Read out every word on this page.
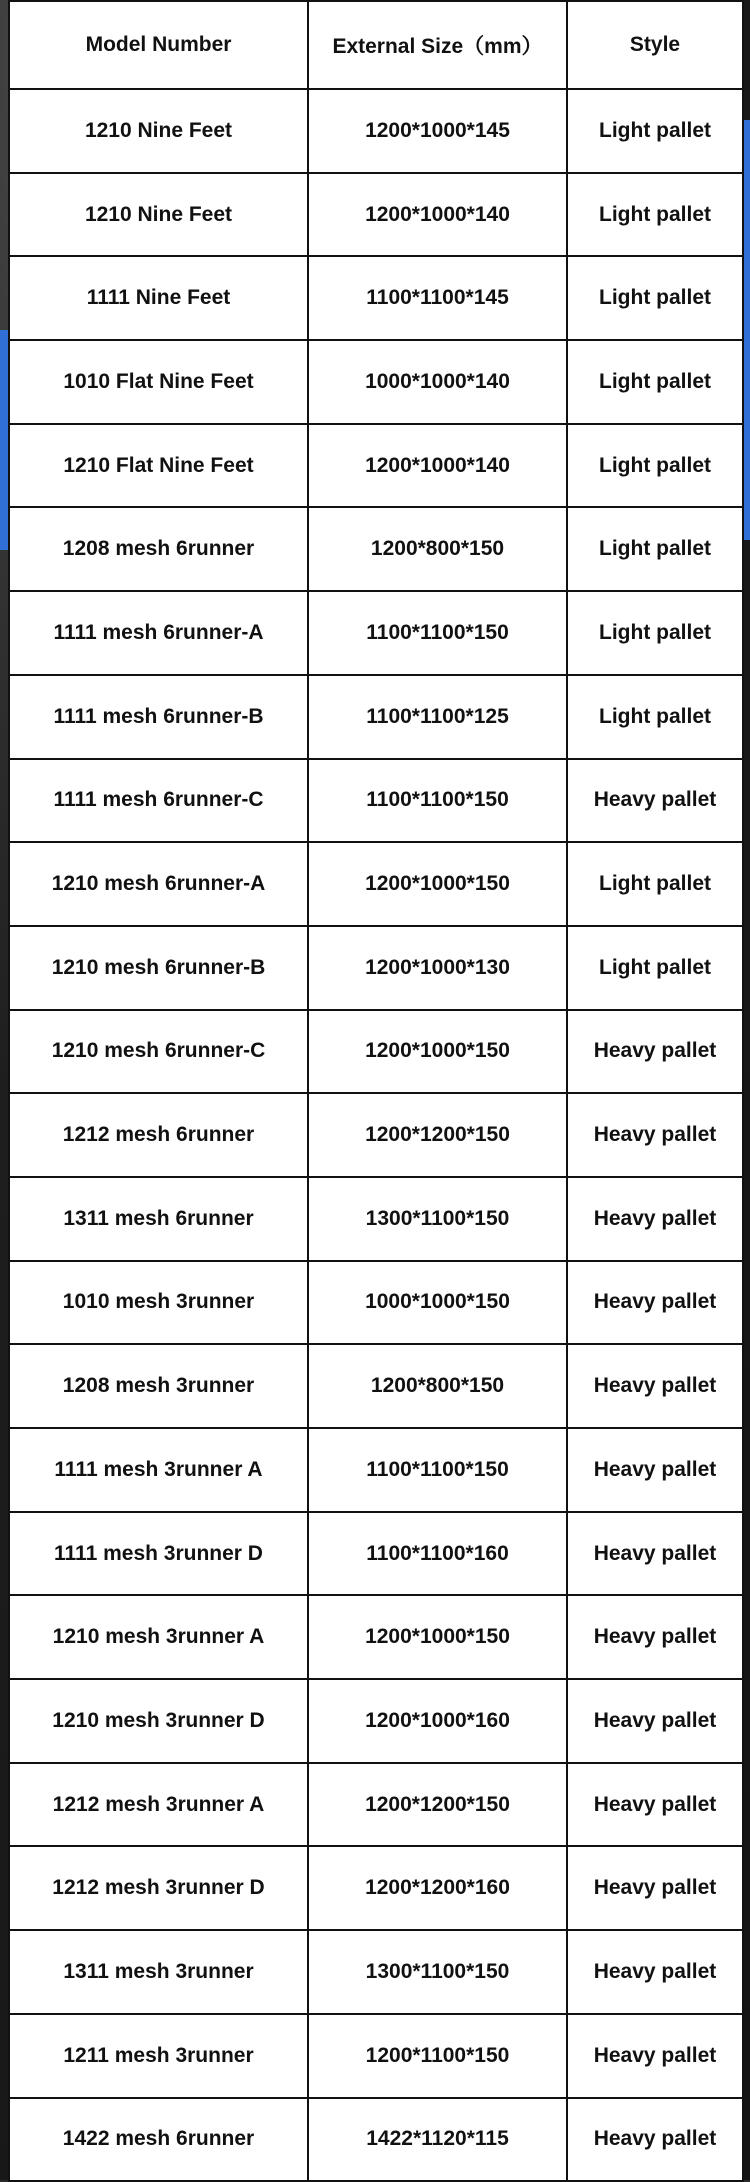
Model Number	External Size（mm）	Style
1210 Nine Feet	1200*1000*145	Light pallet
1210 Nine Feet	1200*1000*140	Light pallet
1111 Nine Feet	1100*1100*145	Light pallet
1010 Flat Nine Feet	1000*1000*140	Light pallet
1210 Flat Nine Feet	1200*1000*140	Light pallet
1208 mesh 6runner	1200*800*150	Light pallet
1111 mesh 6runner-A	1100*1100*150	Light pallet
1111 mesh 6runner-B	1100*1100*125	Light pallet
1111 mesh 6runner-C	1100*1100*150	Heavy pallet
1210 mesh 6runner-A	1200*1000*150	Light pallet
1210 mesh 6runner-B	1200*1000*130	Light pallet
1210 mesh 6runner-C	1200*1000*150	Heavy pallet
1212 mesh 6runner	1200*1200*150	Heavy pallet
1311 mesh 6runner	1300*1100*150	Heavy pallet
1010 mesh 3runner	1000*1000*150	Heavy pallet
1208 mesh 3runner	1200*800*150	Heavy pallet
1111 mesh 3runner A	1100*1100*150	Heavy pallet
1111 mesh 3runner D	1100*1100*160	Heavy pallet
1210 mesh 3runner A	1200*1000*150	Heavy pallet
1210 mesh 3runner D	1200*1000*160	Heavy pallet
1212 mesh 3runner A	1200*1200*150	Heavy pallet
1212 mesh 3runner D	1200*1200*160	Heavy pallet
1311 mesh 3runner	1300*1100*150	Heavy pallet
1211 mesh 3runner	1200*1100*150	Heavy pallet
1422 mesh 6runner	1422*1120*115	Heavy pallet
